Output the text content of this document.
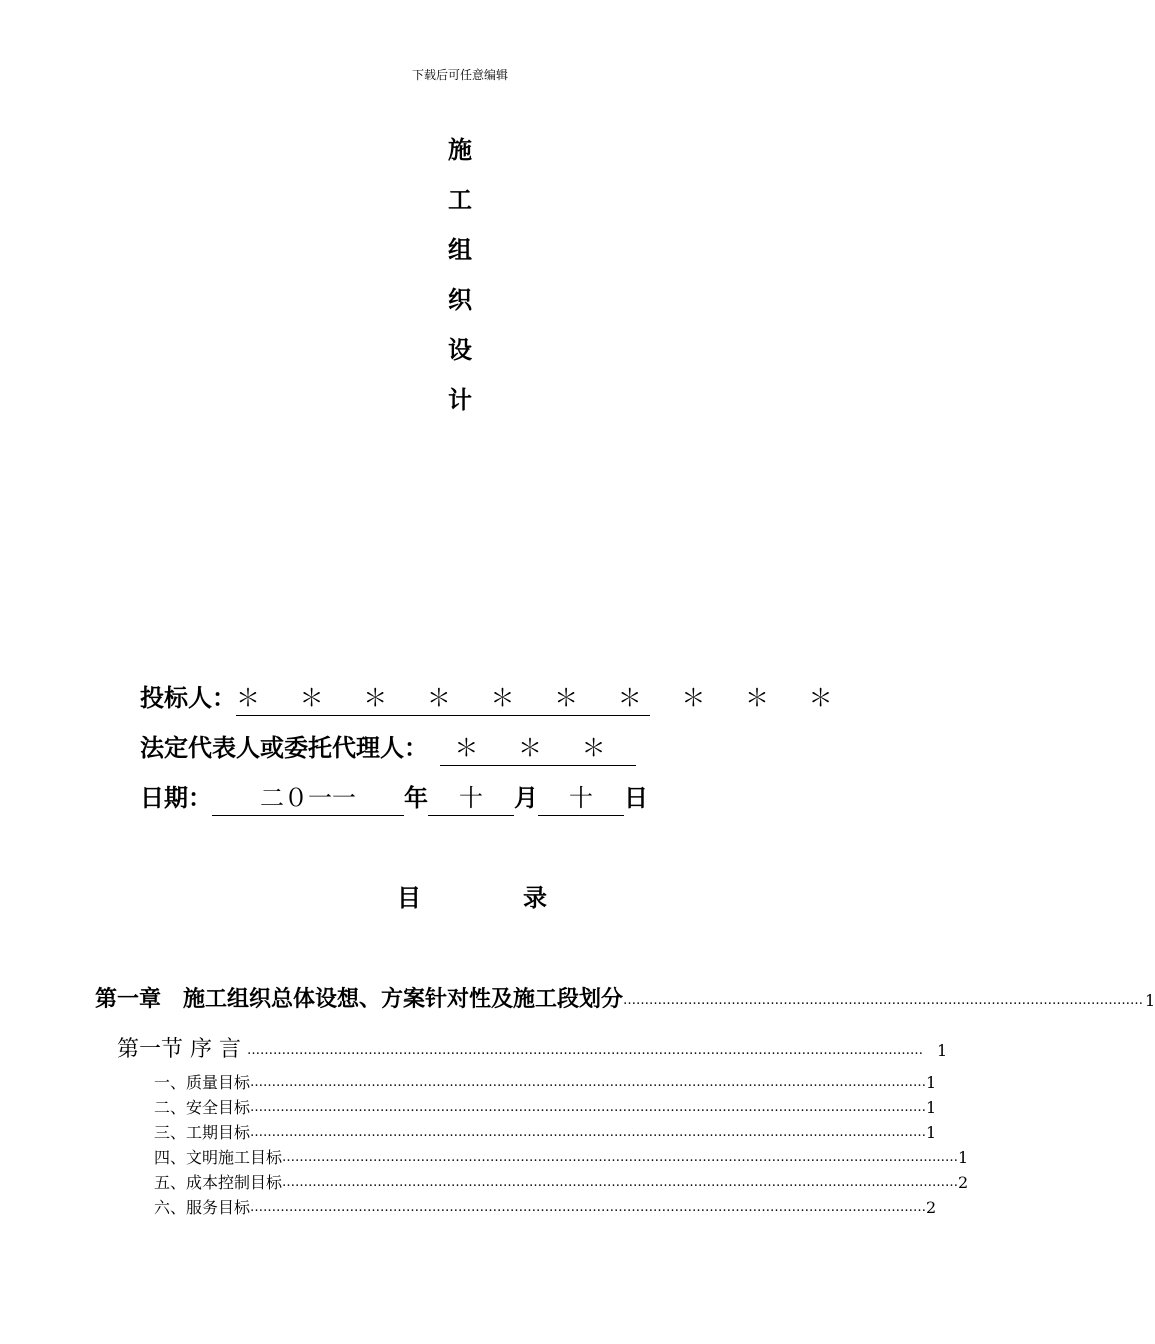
下载后可任意编辑
施
工
组
织
设
计
投标人：＊ ＊ ＊ ＊ ＊ ＊ ＊ ＊ ＊ ＊
法定代表人或委托代理人： ＊ ＊ ＊
日期： 二０一一 年 十 月 十 日
目	录
第一章　施工组织总体设想、方案针对性及施工段划分 ………………………………………………………………………………………………………… 1
第一节 序 言 ………………………………………………………………………………………………………………………………………… 1
一、质量目标 ………………………………………………………………………………………………………………………………………… 1
二、安全目标 ………………………………………………………………………………………………………………………………………… 1
三、工期目标 ………………………………………………………………………………………………………………………………………… 1
四、文明施工目标 ………………………………………………………………………………………………………………………………………… 1
五、成本控制目标 ………………………………………………………………………………………………………………………………………… 2
六、服务目标 ………………………………………………………………………………………………………………………………………… 2
